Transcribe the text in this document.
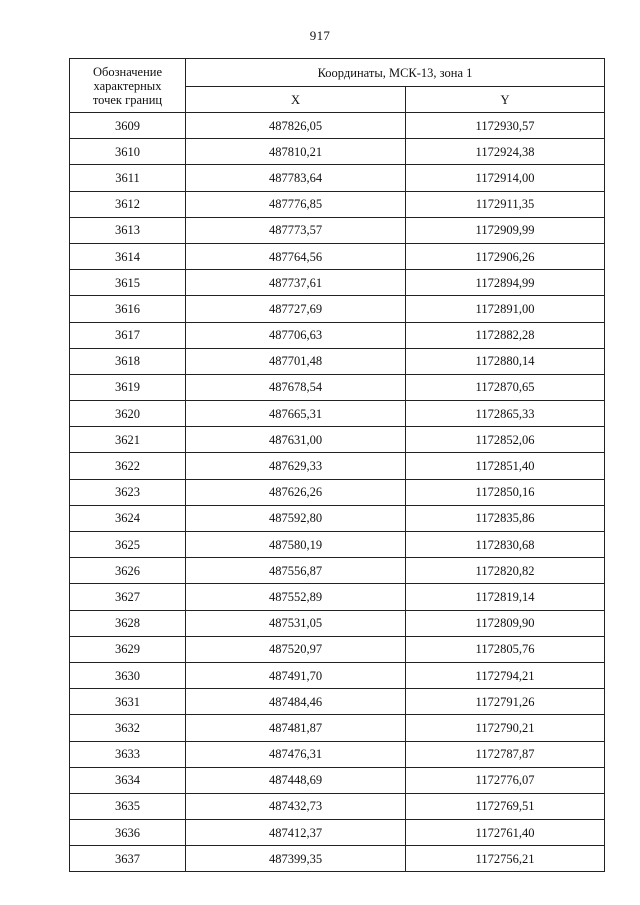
917
Обозначение
характерных
точек границ	Координаты, МСК-13, зона 1	
	X	Y
3609	487826,05	1172930,57
3610	487810,21	1172924,38
3611	487783,64	1172914,00
3612	487776,85	1172911,35
3613	487773,57	1172909,99
3614	487764,56	1172906,26
3615	487737,61	1172894,99
3616	487727,69	1172891,00
3617	487706,63	1172882,28
3618	487701,48	1172880,14
3619	487678,54	1172870,65
3620	487665,31	1172865,33
3621	487631,00	1172852,06
3622	487629,33	1172851,40
3623	487626,26	1172850,16
3624	487592,80	1172835,86
3625	487580,19	1172830,68
3626	487556,87	1172820,82
3627	487552,89	1172819,14
3628	487531,05	1172809,90
3629	487520,97	1172805,76
3630	487491,70	1172794,21
3631	487484,46	1172791,26
3632	487481,87	1172790,21
3633	487476,31	1172787,87
3634	487448,69	1172776,07
3635	487432,73	1172769,51
3636	487412,37	1172761,40
3637	487399,35	1172756,21
